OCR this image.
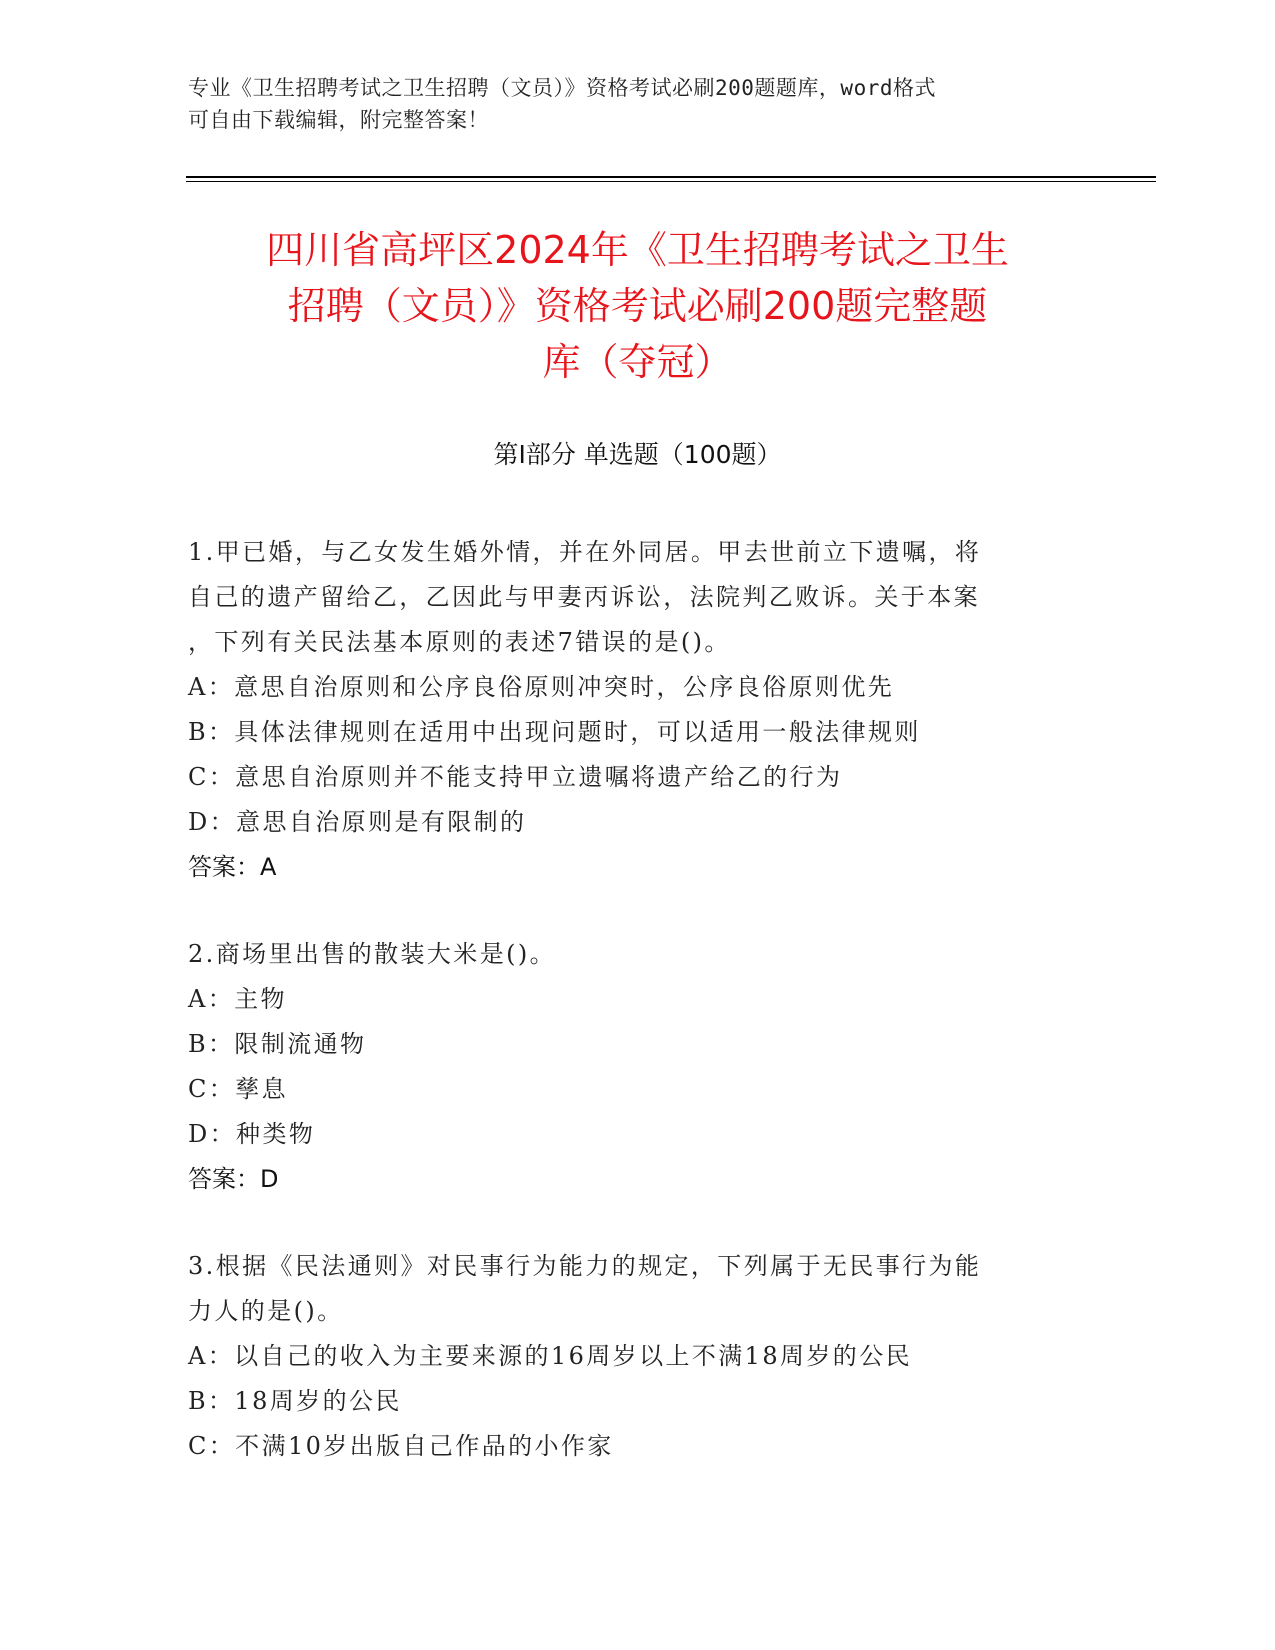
专业《卫生招聘考试之卫生招聘（文员）》资格考试必刷200题题库，word格式
可自由下载编辑，附完整答案！
四川省高坪区2024年《卫生招聘考试之卫生
招聘（文员）》资格考试必刷200题完整题
库（夺冠）
第Ⅰ部分 单选题（100题）
1.甲已婚，与乙女发生婚外情，并在外同居。甲去世前立下遗嘱，将
自己的遗产留给乙，乙因此与甲妻丙诉讼，法院判乙败诉。关于本案
，下列有关民法基本原则的表述7错误的是()。
A：意思自治原则和公序良俗原则冲突时，公序良俗原则优先
B：具体法律规则在适用中出现问题时，可以适用一般法律规则
C：意思自治原则并不能支持甲立遗嘱将遗产给乙的行为
D：意思自治原则是有限制的
答案：A
2.商场里出售的散装大米是()。
A：主物
B：限制流通物
C：孳息
D：种类物
答案：D
3.根据《民法通则》对民事行为能力的规定，下列属于无民事行为能
力人的是()。
A：以自己的收入为主要来源的16周岁以上不满18周岁的公民
B：18周岁的公民
C：不满10岁出版自己作品的小作家
